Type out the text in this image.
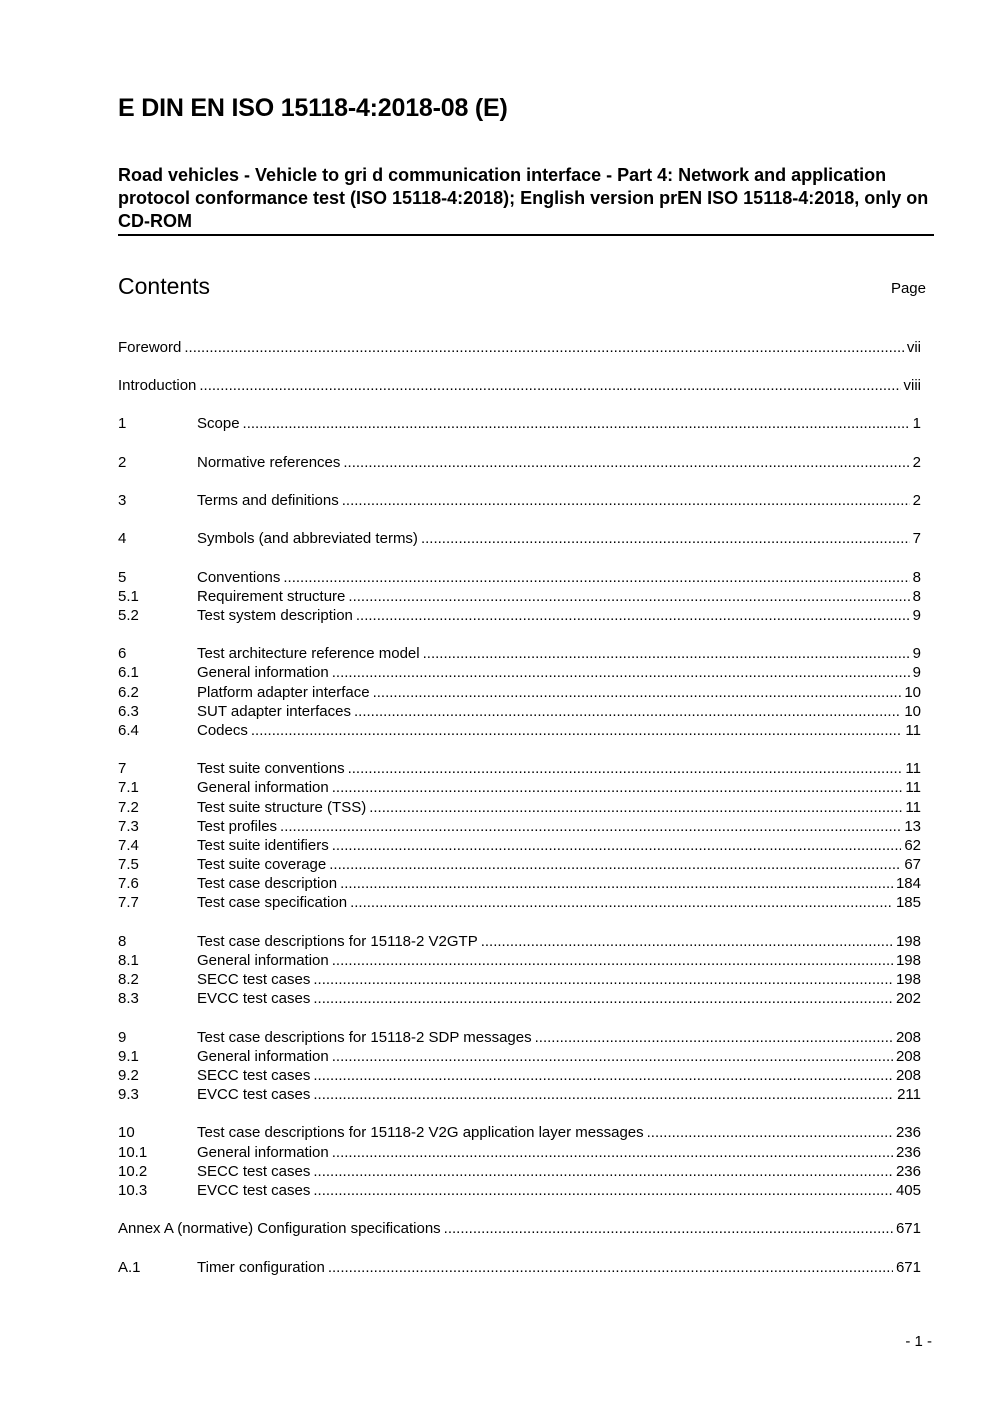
E DIN EN ISO 15118-4:2018-08 (E)

Road vehicles - Vehicle to gri d communication interface - Part 4: Network and application protocol conformance test (ISO 15118-4:2018); English version prEN ISO 15118-4:2018, only on CD-ROM

Contents	Page
Foreword .....	vii
Introduction .....	viii
1	Scope .....	1
2	Normative references .....	2
3	Terms and definitions .....	2
4	Symbols (and abbreviated terms) .....	7
5	Conventions .....	8
5.1	Requirement structure .....	8
5.2	Test system description .....	9
6	Test architecture reference model .....	9
6.1	General information .....	9
6.2	Platform adapter interface .....	10
6.3	SUT adapter interfaces .....	10
6.4	Codecs .....	11
7	Test suite conventions .....	11
7.1	General information .....	11
7.2	Test suite structure (TSS) .....	11
7.3	Test profiles .....	13
7.4	Test suite identifiers .....	62
7.5	Test suite coverage .....	67
7.6	Test case description .....	184
7.7	Test case specification .....	185
8	Test case descriptions for 15118-2 V2GTP .....	198
8.1	General information .....	198
8.2	SECC test cases .....	198
8.3	EVCC test cases .....	202
9	Test case descriptions for 15118-2 SDP messages .....	208
9.1	General information .....	208
9.2	SECC test cases .....	208
9.3	EVCC test cases .....	211
10	Test case descriptions for 15118-2 V2G application layer messages .....	236
10.1	General information .....	236
10.2	SECC test cases .....	236
10.3	EVCC test cases .....	405
Annex A (normative) Configuration specifications .....	671
A.1	Timer configuration .....	671
- 1 -
